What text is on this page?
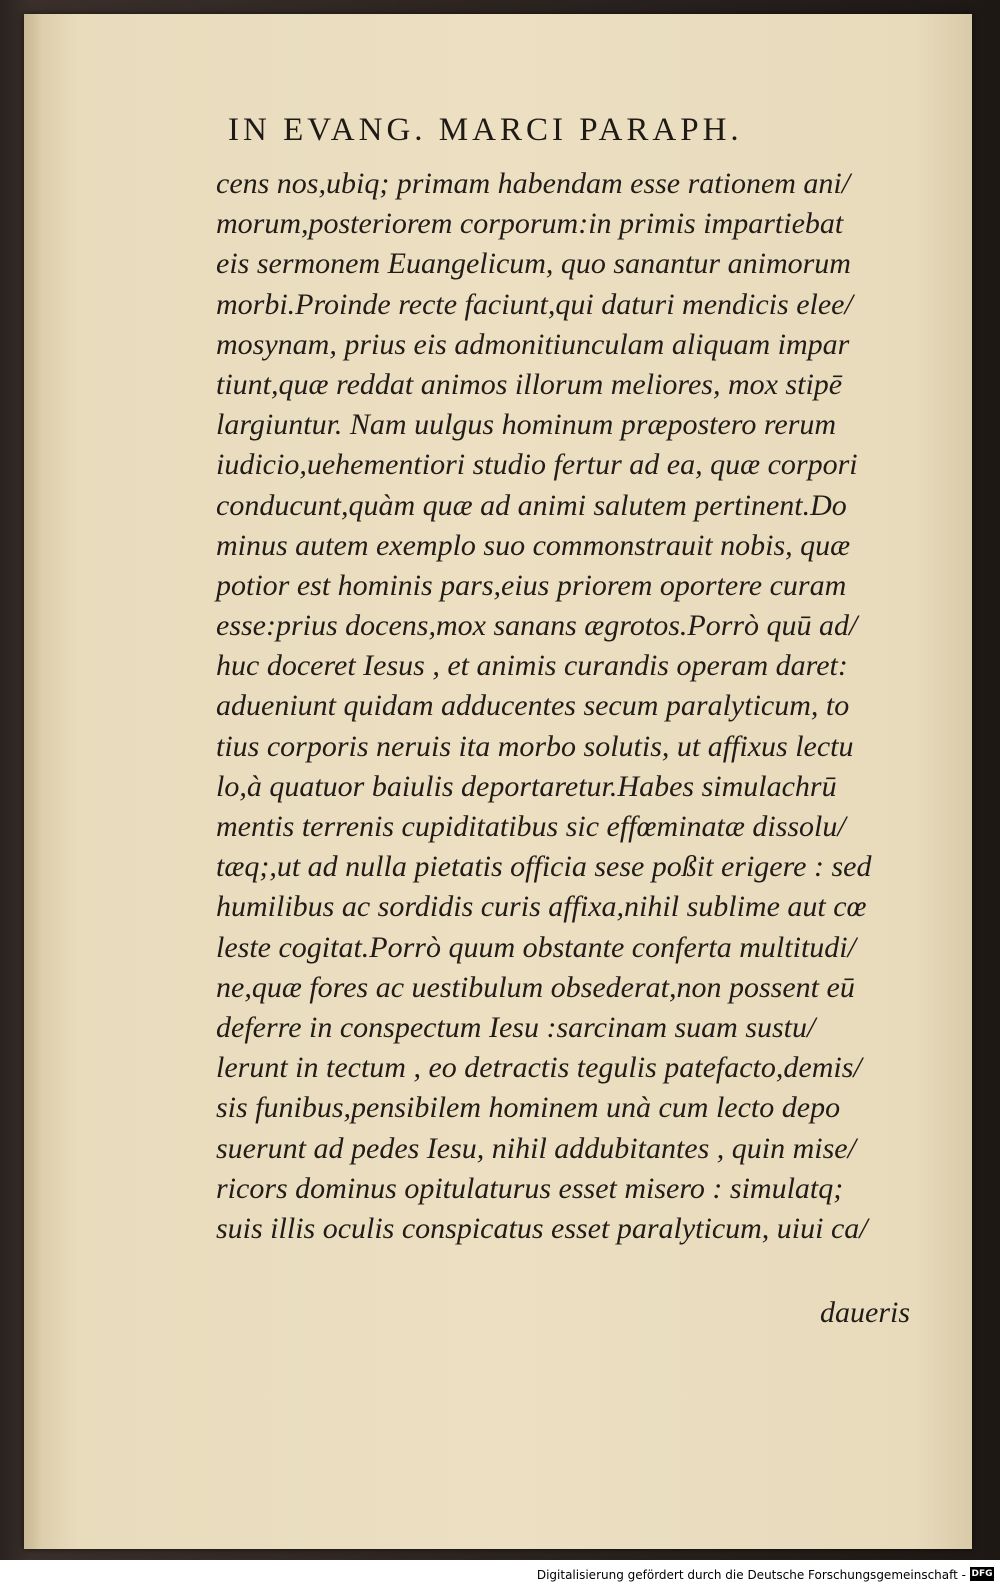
IN EVANG. MARCI PARAPH.
cens nos,ubiq; primam habendam esse rationem ani/
morum,posteriorem corporum:in primis impartiebat
eis sermonem Euangelicum, quo sanantur animorum
morbi.Proinde recte faciunt,qui daturi mendicis elee/
mosynam, prius eis admonitiunculam aliquam impar
tiunt,quæ reddat animos illorum meliores, mox stipē
largiuntur. Nam uulgus hominum præpostero rerum
iudicio,uehementiori studio fertur ad ea, quæ corpori
conducunt,quàm quæ ad animi salutem pertinent.Do
minus autem exemplo suo commonstrauit nobis, quæ
potior est hominis pars,eius priorem oportere curam
esse:prius docens,mox sanans ægrotos.Porrò quū ad/
huc doceret Iesus , et animis curandis operam daret:
adueniunt quidam adducentes secum paralyticum, to
tius corporis neruis ita morbo solutis, ut affixus lectu
lo,à quatuor baiulis deportaretur.Habes simulachrū
mentis terrenis cupiditatibus sic effœminatæ dissolu/
tæq;,ut ad nulla pietatis officia sese poßit erigere : sed
humilibus ac sordidis curis affixa,nihil sublime aut cœ
leste cogitat.Porrò quum obstante conferta multitudi/
ne,quæ fores ac uestibulum obsederat,non possent eū
deferre in conspectum Iesu :sarcinam suam sustu/
lerunt in tectum , eo detractis tegulis patefacto,demis/
sis funibus,pensibilem hominem unà cum lecto depo
suerunt ad pedes Iesu, nihil addubitantes , quin mise/
ricors dominus opitulaturus esset misero : simulatq;
suis illis oculis conspicatus esset paralyticum, uiui ca/
daueris
Digitalisierung gefördert durch die Deutsche Forschungsgemeinschaft - DFG
